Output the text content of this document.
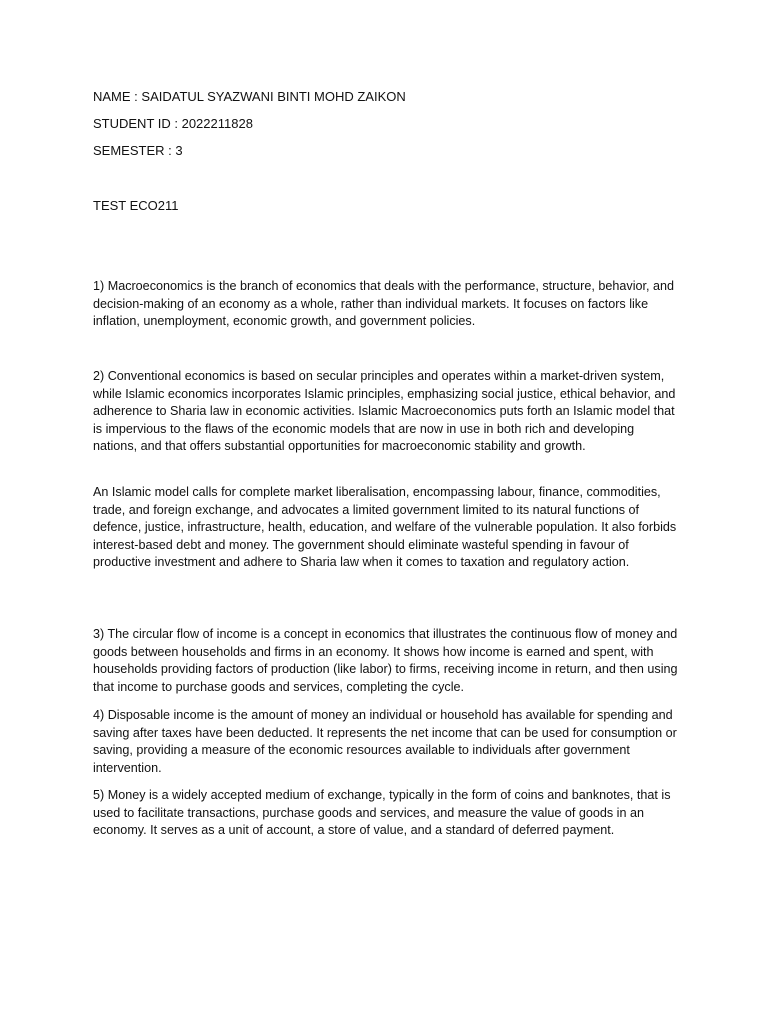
NAME : SAIDATUL SYAZWANI BINTI MOHD ZAIKON

STUDENT ID : 2022211828

SEMESTER : 3

TEST ECO211

1) Macroeconomics is the branch of economics that deals with the performance, structure, behavior, and decision-making of an economy as a whole, rather than individual markets. It focuses on factors like inflation, unemployment, economic growth, and government policies.

2) Conventional economics is based on secular principles and operates within a market-driven system, while Islamic economics incorporates Islamic principles, emphasizing social justice, ethical behavior, and adherence to Sharia law in economic activities. Islamic Macroeconomics puts forth an Islamic model that is impervious to the flaws of the economic models that are now in use in both rich and developing nations, and that offers substantial opportunities for macroeconomic stability and growth.

An Islamic model calls for complete market liberalisation, encompassing labour, finance, commodities, trade, and foreign exchange, and advocates a limited government limited to its natural functions of defence, justice, infrastructure, health, education, and welfare of the vulnerable population. It also forbids interest-based debt and money. The government should eliminate wasteful spending in favour of productive investment and adhere to Sharia law when it comes to taxation and regulatory action.

3) The circular flow of income is a concept in economics that illustrates the continuous flow of money and goods between households and firms in an economy. It shows how income is earned and spent, with households providing factors of production (like labor) to firms, receiving income in return, and then using that income to purchase goods and services, completing the cycle.

4) Disposable income is the amount of money an individual or household has available for spending and saving after taxes have been deducted. It represents the net income that can be used for consumption or saving, providing a measure of the economic resources available to individuals after government intervention.

5) Money is a widely accepted medium of exchange, typically in the form of coins and banknotes, that is used to facilitate transactions, purchase goods and services, and measure the value of goods in an economy. It serves as a unit of account, a store of value, and a standard of deferred payment.
